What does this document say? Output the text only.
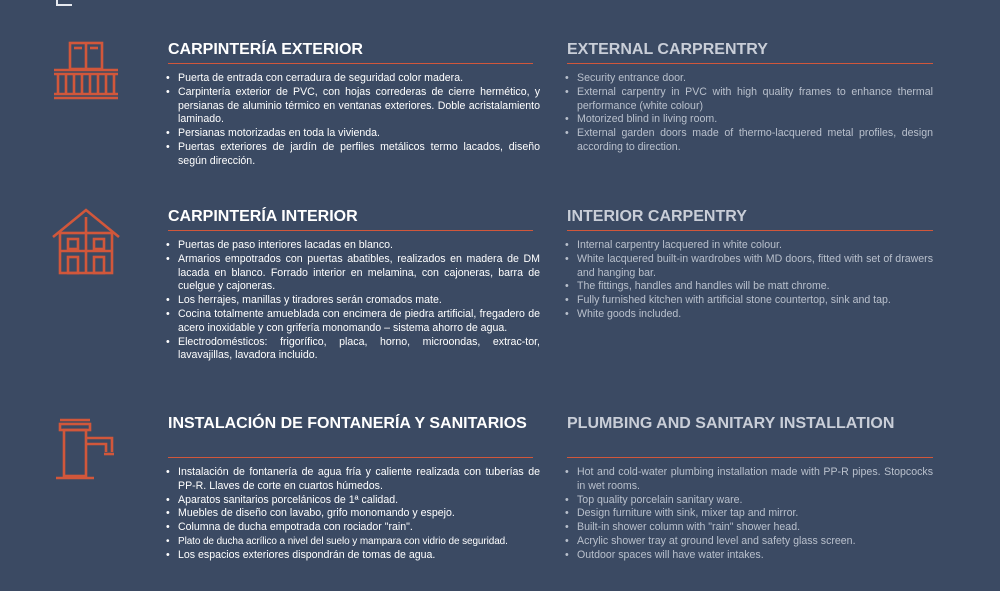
CARPINTERÍA EXTERIOR
• Puerta de entrada con cerradura de seguridad color madera.
• Carpintería exterior de PVC, con hojas correderas de cierre hermético, y persianas de aluminio térmico en ventanas exteriores. Doble acristalamiento laminado.
• Persianas motorizadas en toda la vivienda.
• Puertas exteriores de jardín de perfiles metálicos termo lacados, diseño según dirección.
EXTERNAL CARPRENTRY
• Security entrance door.
• External carpentry in PVC with high quality frames to enhance thermal performance (white colour)
• Motorized blind in living room.
• External garden doors made of thermo-lacquered metal profiles, design according to direction.
CARPINTERÍA INTERIOR
• Puertas de paso interiores lacadas en blanco.
• Armarios empotrados con puertas abatibles, realizados en madera de DM lacada en blanco. Forrado interior en melamina, con cajoneras, barra de cuelgue y cajoneras.
• Los herrajes, manillas y tiradores serán cromados mate.
• Cocina totalmente amueblada con encimera de piedra artificial, fregadero de acero inoxidable y con grifería monomando – sistema ahorro de agua.
• Electrodomésticos: frigorífico, placa, horno, microondas, extrac-tor, lavavajillas, lavadora incluido.
INTERIOR CARPENTRY
• Internal carpentry lacquered in white colour.
• White lacquered built-in wardrobes with MD doors, fitted with set of drawers and hanging bar.
• The fittings, handles and handles will be matt chrome.
• Fully furnished kitchen with artificial stone countertop, sink and tap.
• White goods included.
INSTALACIÓN DE FONTANERÍA Y SANITARIOS
• Instalación de fontanería de agua fría y caliente realizada con tuberías de PP-R. Llaves de corte en cuartos húmedos.
• Aparatos sanitarios porcelánicos de 1ª calidad.
• Muebles de diseño con lavabo, grifo monomando y espejo.
• Columna de ducha empotrada con rociador "rain".
• Plato de ducha acrílico a nivel del suelo y mampara con vidrio de seguridad.
• Los espacios exteriores dispondrán de tomas de agua.
PLUMBING AND SANITARY INSTALLATION
• Hot and cold-water plumbing installation made with PP-R pipes. Stopcocks in wet rooms.
• Top quality porcelain sanitary ware.
• Design furniture with sink, mixer tap and mirror.
• Built-in shower column with "rain" shower head.
• Acrylic shower tray at ground level and safety glass screen.
• Outdoor spaces will have water intakes.
